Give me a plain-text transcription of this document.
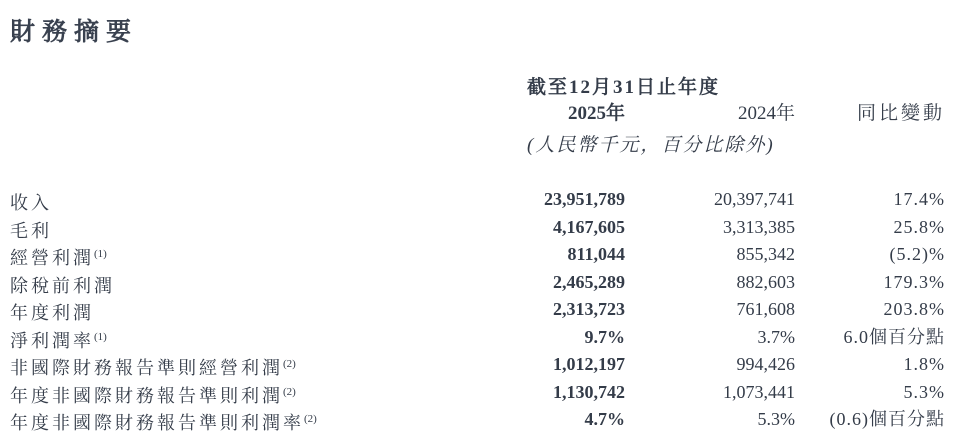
財務摘要
截至12月31日止年度
2025年	2024年	同比變動
(人民幣千元，百分比除外)
收入	23,951,789	20,397,741	17.4%
毛利	4,167,605	3,313,385	25.8%
經營利潤$^{(1)}$	811,044	855,342	(5.2)%
除稅前利潤	2,465,289	882,603	179.3%
年度利潤	2,313,723	761,608	203.8%
淨利潤率$^{(1)}$	9.7%	3.7%	6.0個百分點
非國際財務報告準則經營利潤$^{(2)}$	1,012,197	994,426	1.8%
年度非國際財務報告準則利潤$^{(2)}$	1,130,742	1,073,441	5.3%
年度非國際財務報告準則利潤率$^{(2)}$	4.7%	5.3%	(0.6)個百分點
